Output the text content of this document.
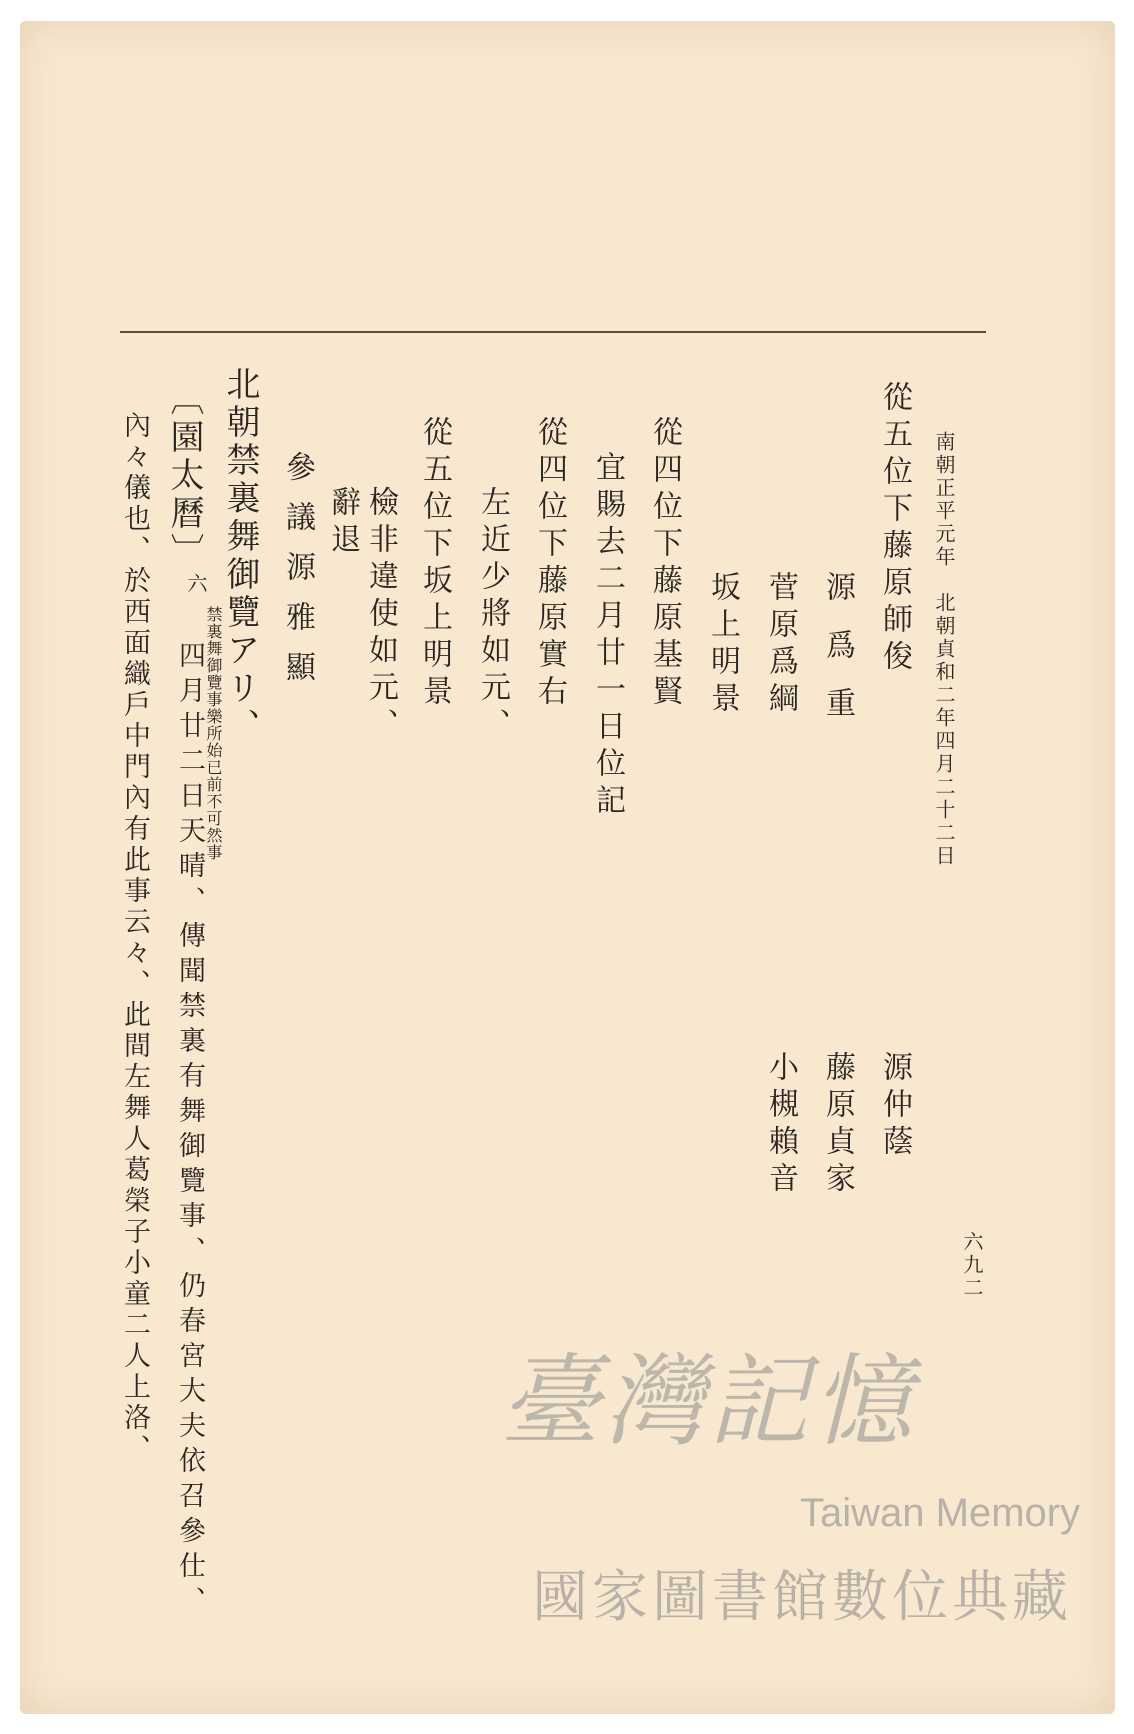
南朝正平元年　北朝貞和二年四月二十二日
六九二
從五位下藤原師俊
源仲蔭
源爲重
藤原貞家
菅原爲綱
小槻賴音
坂上明景
從四位下藤原基賢
宜賜去二月廿一日位記
從四位下藤原實右
左近少將如元、
從五位下坂上明景
檢非違使如元、
辭退
參議源雅顯
北朝禁裏舞御覽アリ、
〔園太曆〕
六
禁裏舞御覽事樂所始已前不可然事
四月廿二日天晴、傳聞禁裏有舞御覽事、仍春宮大夫依召參仕、
內々儀也、於西面織戶中門內有此事云々、此間左舞人葛榮子小童二人上洛、	臺灣記憶
Taiwan Memory
國家圖書館數位典藏
